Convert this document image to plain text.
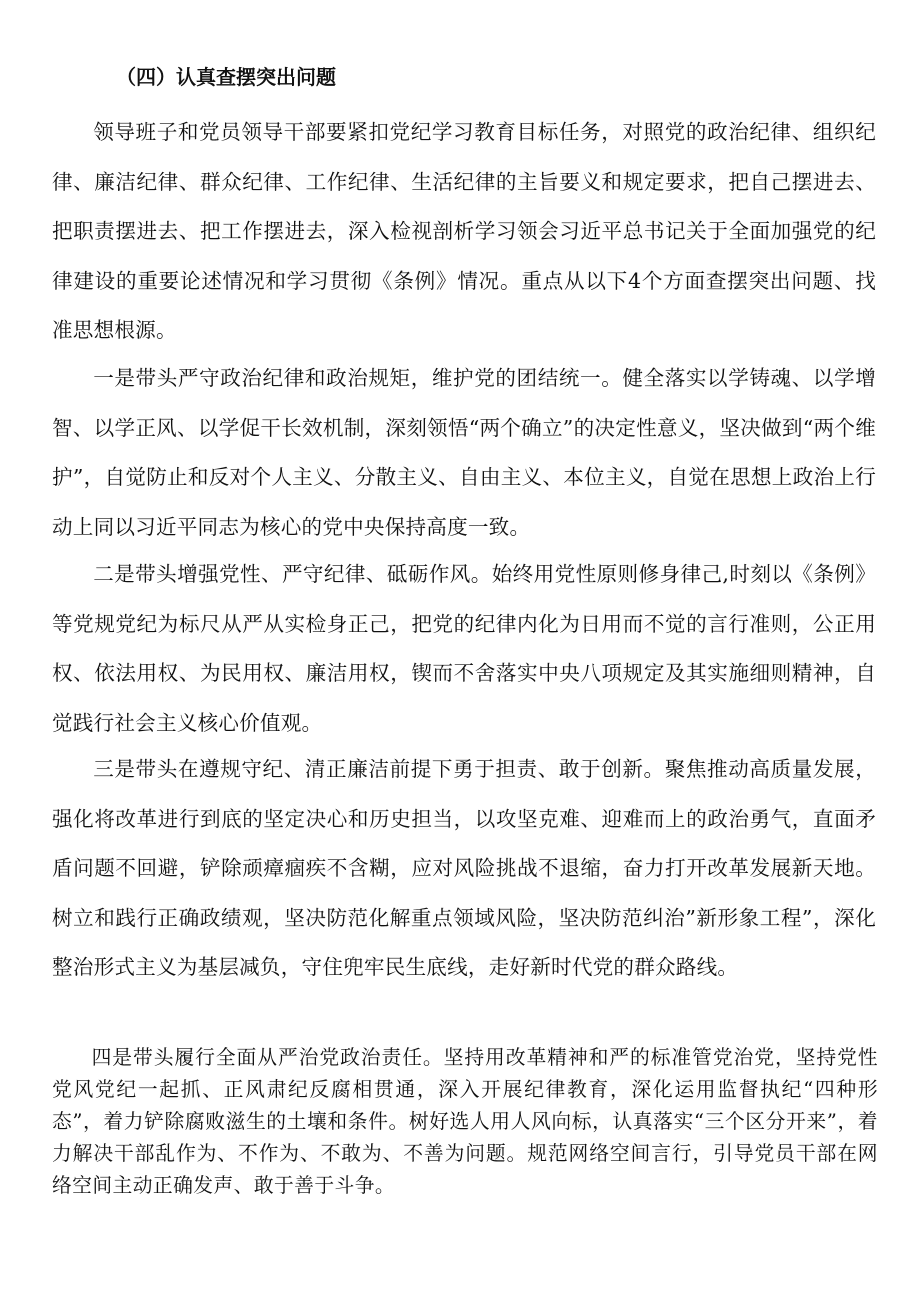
（四）认真查摆突出问题

领导班子和党员领导干部要紧扣党纪学习教育目标任务，对照党的政治纪律、组织纪律、廉洁纪律、群众纪律、工作纪律、生活纪律的主旨要义和规定要求，把自己摆进去、把职责摆进去、把工作摆进去，深入检视剖析学习领会习近平总书记关于全面加强党的纪律建设的重要论述情况和学习贯彻《条例》情况。重点从以下4个方面查摆突出问题、找准思想根源。

一是带头严守政治纪律和政治规矩，维护党的团结统一。健全落实以学铸魂、以学增智、以学正风、以学促干长效机制，深刻领悟“两个确立”的决定性意义，坚决做到“两个维护”，自觉防止和反对个人主义、分散主义、自由主义、本位主义，自觉在思想上政治上行动上同以习近平同志为核心的党中央保持高度一致。

二是带头增强党性、严守纪律、砥砺作风。始终用党性原则修身律己,时刻以《条例》等党规党纪为标尺从严从实检身正己，把党的纪律内化为日用而不觉的言行准则，公正用权、依法用权、为民用权、廉洁用权，锲而不舍落实中央八项规定及其实施细则精神，自觉践行社会主义核心价值观。

三是带头在遵规守纪、清正廉洁前提下勇于担责、敢于创新。聚焦推动高质量发展，强化将改革进行到底的坚定决心和历史担当，以攻坚克难、迎难而上的政治勇气，直面矛盾问题不回避，铲除顽瘴痼疾不含糊，应对风险挑战不退缩，奋力打开改革发展新天地。树立和践行正确政绩观，坚决防范化解重点领域风险，坚决防范纠治”新形象工程”，深化整治形式主义为基层减负，守住兜牢民生底线，走好新时代党的群众路线。

四是带头履行全面从严治党政治责任。坚持用改革精神和严的标准管党治党，坚持党性党风党纪一起抓、正风肃纪反腐相贯通，深入开展纪律教育，深化运用监督执纪“四种形态”，着力铲除腐败滋生的土壤和条件。树好选人用人风向标，认真落实“三个区分开来”，着力解决干部乱作为、不作为、不敢为、不善为问题。规范网络空间言行，引导党员干部在网络空间主动正确发声、敢于善于斗争。
